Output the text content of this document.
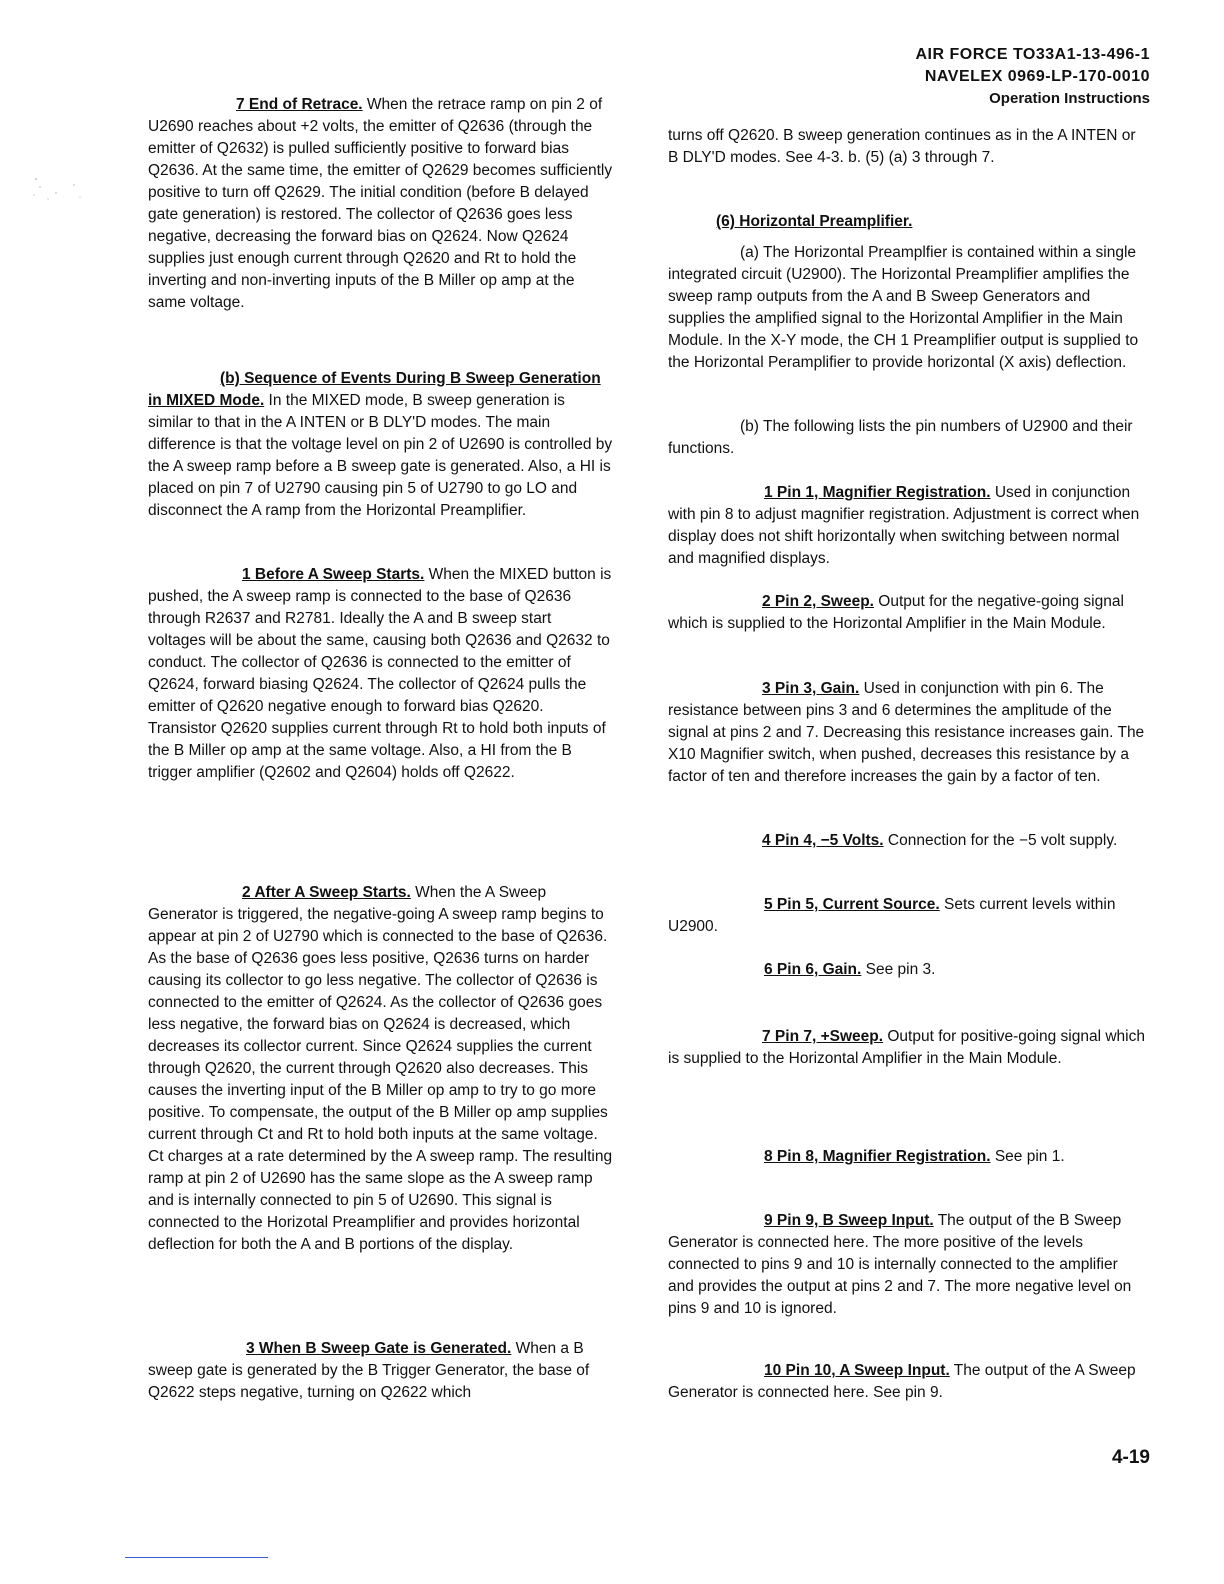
AIR FORCE TO33A1-13-496-1
NAVELEX 0969-LP-170-0010
Operation Instructions

7 End of Retrace. When the retrace ramp on pin 2 of U2690 reaches about +2 volts, the emitter of Q2636 (through the emitter of Q2632) is pulled sufficiently positive to forward bias Q2636. At the same time, the emitter of Q2629 becomes sufficiently positive to turn off Q2629. The initial condition (before B delayed gate generation) is restored. The collector of Q2636 goes less negative, decreasing the forward bias on Q2624. Now Q2624 supplies just enough current through Q2620 and Rt to hold the inverting and non-inverting inputs of the B Miller op amp at the same voltage.

(b) Sequence of Events During B Sweep Generation in MIXED Mode. In the MIXED mode, B sweep generation is similar to that in the A INTEN or B DLY'D modes. The main difference is that the voltage level on pin 2 of U2690 is controlled by the A sweep ramp before a B sweep gate is generated. Also, a HI is placed on pin 7 of U2790 causing pin 5 of U2790 to go LO and disconnect the A ramp from the Horizontal Preamplifier.

1 Before A Sweep Starts. When the MIXED button is pushed, the A sweep ramp is connected to the base of Q2636 through R2637 and R2781. Ideally the A and B sweep start voltages will be about the same, causing both Q2636 and Q2632 to conduct. The collector of Q2636 is connected to the emitter of Q2624, forward biasing Q2624. The collector of Q2624 pulls the emitter of Q2620 negative enough to forward bias Q2620. Transistor Q2620 supplies current through Rt to hold both inputs of the B Miller op amp at the same voltage. Also, a HI from the B trigger amplifier (Q2602 and Q2604) holds off Q2622.

2 After A Sweep Starts. When the A Sweep Generator is triggered, the negative-going A sweep ramp begins to appear at pin 2 of U2790 which is connected to the base of Q2636. As the base of Q2636 goes less positive, Q2636 turns on harder causing its collector to go less negative. The collector of Q2636 is connected to the emitter of Q2624. As the collector of Q2636 goes less negative, the forward bias on Q2624 is decreased, which decreases its collector current. Since Q2624 supplies the current through Q2620, the current through Q2620 also decreases. This causes the inverting input of the B Miller op amp to try to go more positive. To compensate, the output of the B Miller op amp supplies current through Ct and Rt to hold both inputs at the same voltage. Ct charges at a rate determined by the A sweep ramp. The resulting ramp at pin 2 of U2690 has the same slope as the A sweep ramp and is internally connected to pin 5 of U2690. This signal is connected to the Horizotal Preamplifier and provides horizontal deflection for both the A and B portions of the display.

3 When B Sweep Gate is Generated. When a B sweep gate is generated by the B Trigger Generator, the base of Q2622 steps negative, turning on Q2622 which

turns off Q2620. B sweep generation continues as in the A INTEN or B DLY'D modes. See 4-3. b. (5) (a) 3 through 7.

(6) Horizontal Preamplifier.

(a) The Horizontal Preamplfier is contained within a single integrated circuit (U2900). The Horizontal Preamplifier amplifies the sweep ramp outputs from the A and B Sweep Generators and supplies the amplified signal to the Horizontal Amplifier in the Main Module. In the X-Y mode, the CH 1 Preamplifier output is supplied to the Horizontal Peramplifier to provide horizontal (X axis) deflection.

(b) The following lists the pin numbers of U2900 and their functions.

1 Pin 1, Magnifier Registration. Used in conjunction with pin 8 to adjust magnifier registration. Adjustment is correct when display does not shift horizontally when switching between normal and magnified displays.

2 Pin 2, Sweep. Output for the negative-going signal which is supplied to the Horizontal Amplifier in the Main Module.

3 Pin 3, Gain. Used in conjunction with pin 6. The resistance between pins 3 and 6 determines the amplitude of the signal at pins 2 and 7. Decreasing this resistance increases gain. The X10 Magnifier switch, when pushed, decreases this resistance by a factor of ten and therefore increases the gain by a factor of ten.

4 Pin 4, −5 Volts. Connection for the −5 volt supply.

5 Pin 5, Current Source. Sets current levels within U2900.

6 Pin 6, Gain. See pin 3.

7 Pin 7, +Sweep. Output for positive-going signal which is supplied to the Horizontal Amplifier in the Main Module.

8 Pin 8, Magnifier Registration. See pin 1.

9 Pin 9, B Sweep Input. The output of the B Sweep Generator is connected here. The more positive of the levels connected to pins 9 and 10 is internally connected to the amplifier and provides the output at pins 2 and 7. The more negative level on pins 9 and 10 is ignored.

10 Pin 10, A Sweep Input. The output of the A Sweep Generator is connected here. See pin 9.

4-19
